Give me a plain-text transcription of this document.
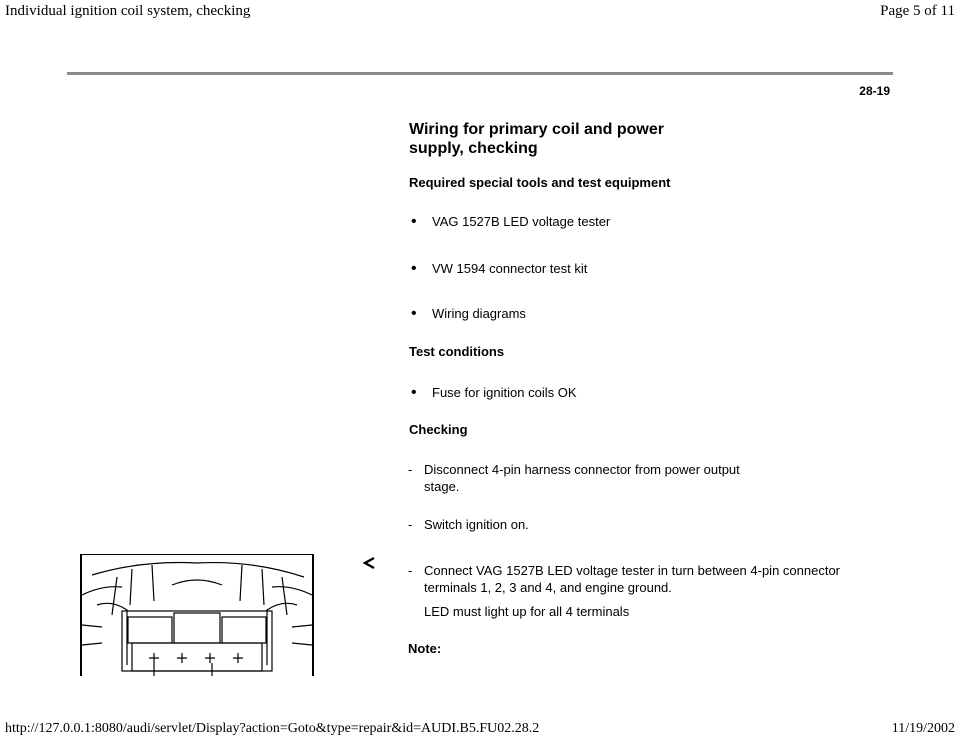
Individual ignition coil system, checking	Page 5 of 11
28-19
Wiring for primary coil and power supply, checking
Required special tools and test equipment
• VAG 1527B LED voltage tester
• VW 1594 connector test kit
• Wiring diagrams
Test conditions
• Fuse for ignition coils OK
Checking
- Disconnect 4-pin harness connector from power output stage.
- Switch ignition on.
- Connect VAG 1527B LED voltage tester in turn between 4-pin connector terminals 1, 2, 3 and 4, and engine ground.
LED must light up for all 4 terminals
Note:
http://127.0.0.1:8080/audi/servlet/Display?action=Goto&type=repair&id=AUDI.B5.FU02.28.2	11/19/2002
